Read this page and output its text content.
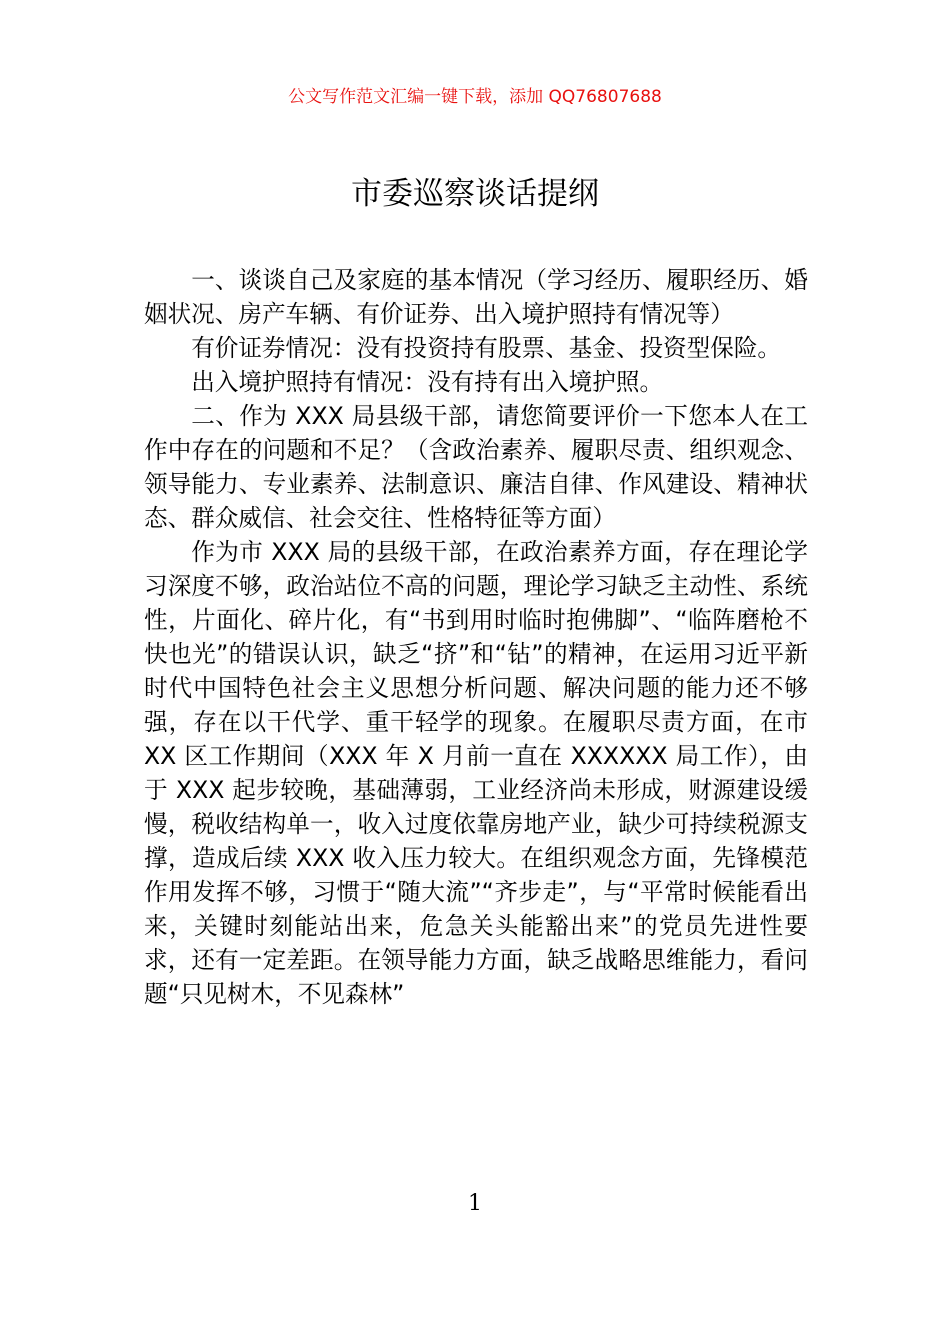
公文写作范文汇编一键下载，添加 QQ76807688
市委巡察谈话提纲

一、谈谈自己及家庭的基本情况（学习经历、履职经历、婚姻状况、房产车辆、有价证券、出入境护照持有情况等）

有价证券情况：没有投资持有股票、基金、投资型保险。

出入境护照持有情况：没有持有出入境护照。

二、作为 XXX 局县级干部，请您简要评价一下您本人在工作中存在的问题和不足？（含政治素养、履职尽责、组织观念、领导能力、专业素养、法制意识、廉洁自律、作风建设、精神状态、群众威信、社会交往、性格特征等方面）

作为市 XXX 局的县级干部，在政治素养方面，存在理论学习深度不够，政治站位不高的问题，理论学习缺乏主动性、系统性，片面化、碎片化，有“书到用时临时抱佛脚”、“临阵磨枪不快也光”的错误认识，缺乏“挤”和“钻”的精神，在运用习近平新时代中国特色社会主义思想分析问题、解决问题的能力还不够强，存在以干代学、重干轻学的现象。在履职尽责方面，在市 XX 区工作期间（XXX 年 X 月前一直在 XXXXXX 局工作），由于 XXX 起步较晚，基础薄弱，工业经济尚未形成，财源建设缓慢，税收结构单一，收入过度依靠房地产业，缺少可持续税源支撑，造成后续 XXX 收入压力较大。在组织观念方面，先锋模范作用发挥不够，习惯于“随大流”“齐步走”，与“平常时候能看出来，关键时刻能站出来，危急关头能豁出来”的党员先进性要求，还有一定差距。在领导能力方面，缺乏战略思维能力，看问题“只见树木，不见森林”

1
